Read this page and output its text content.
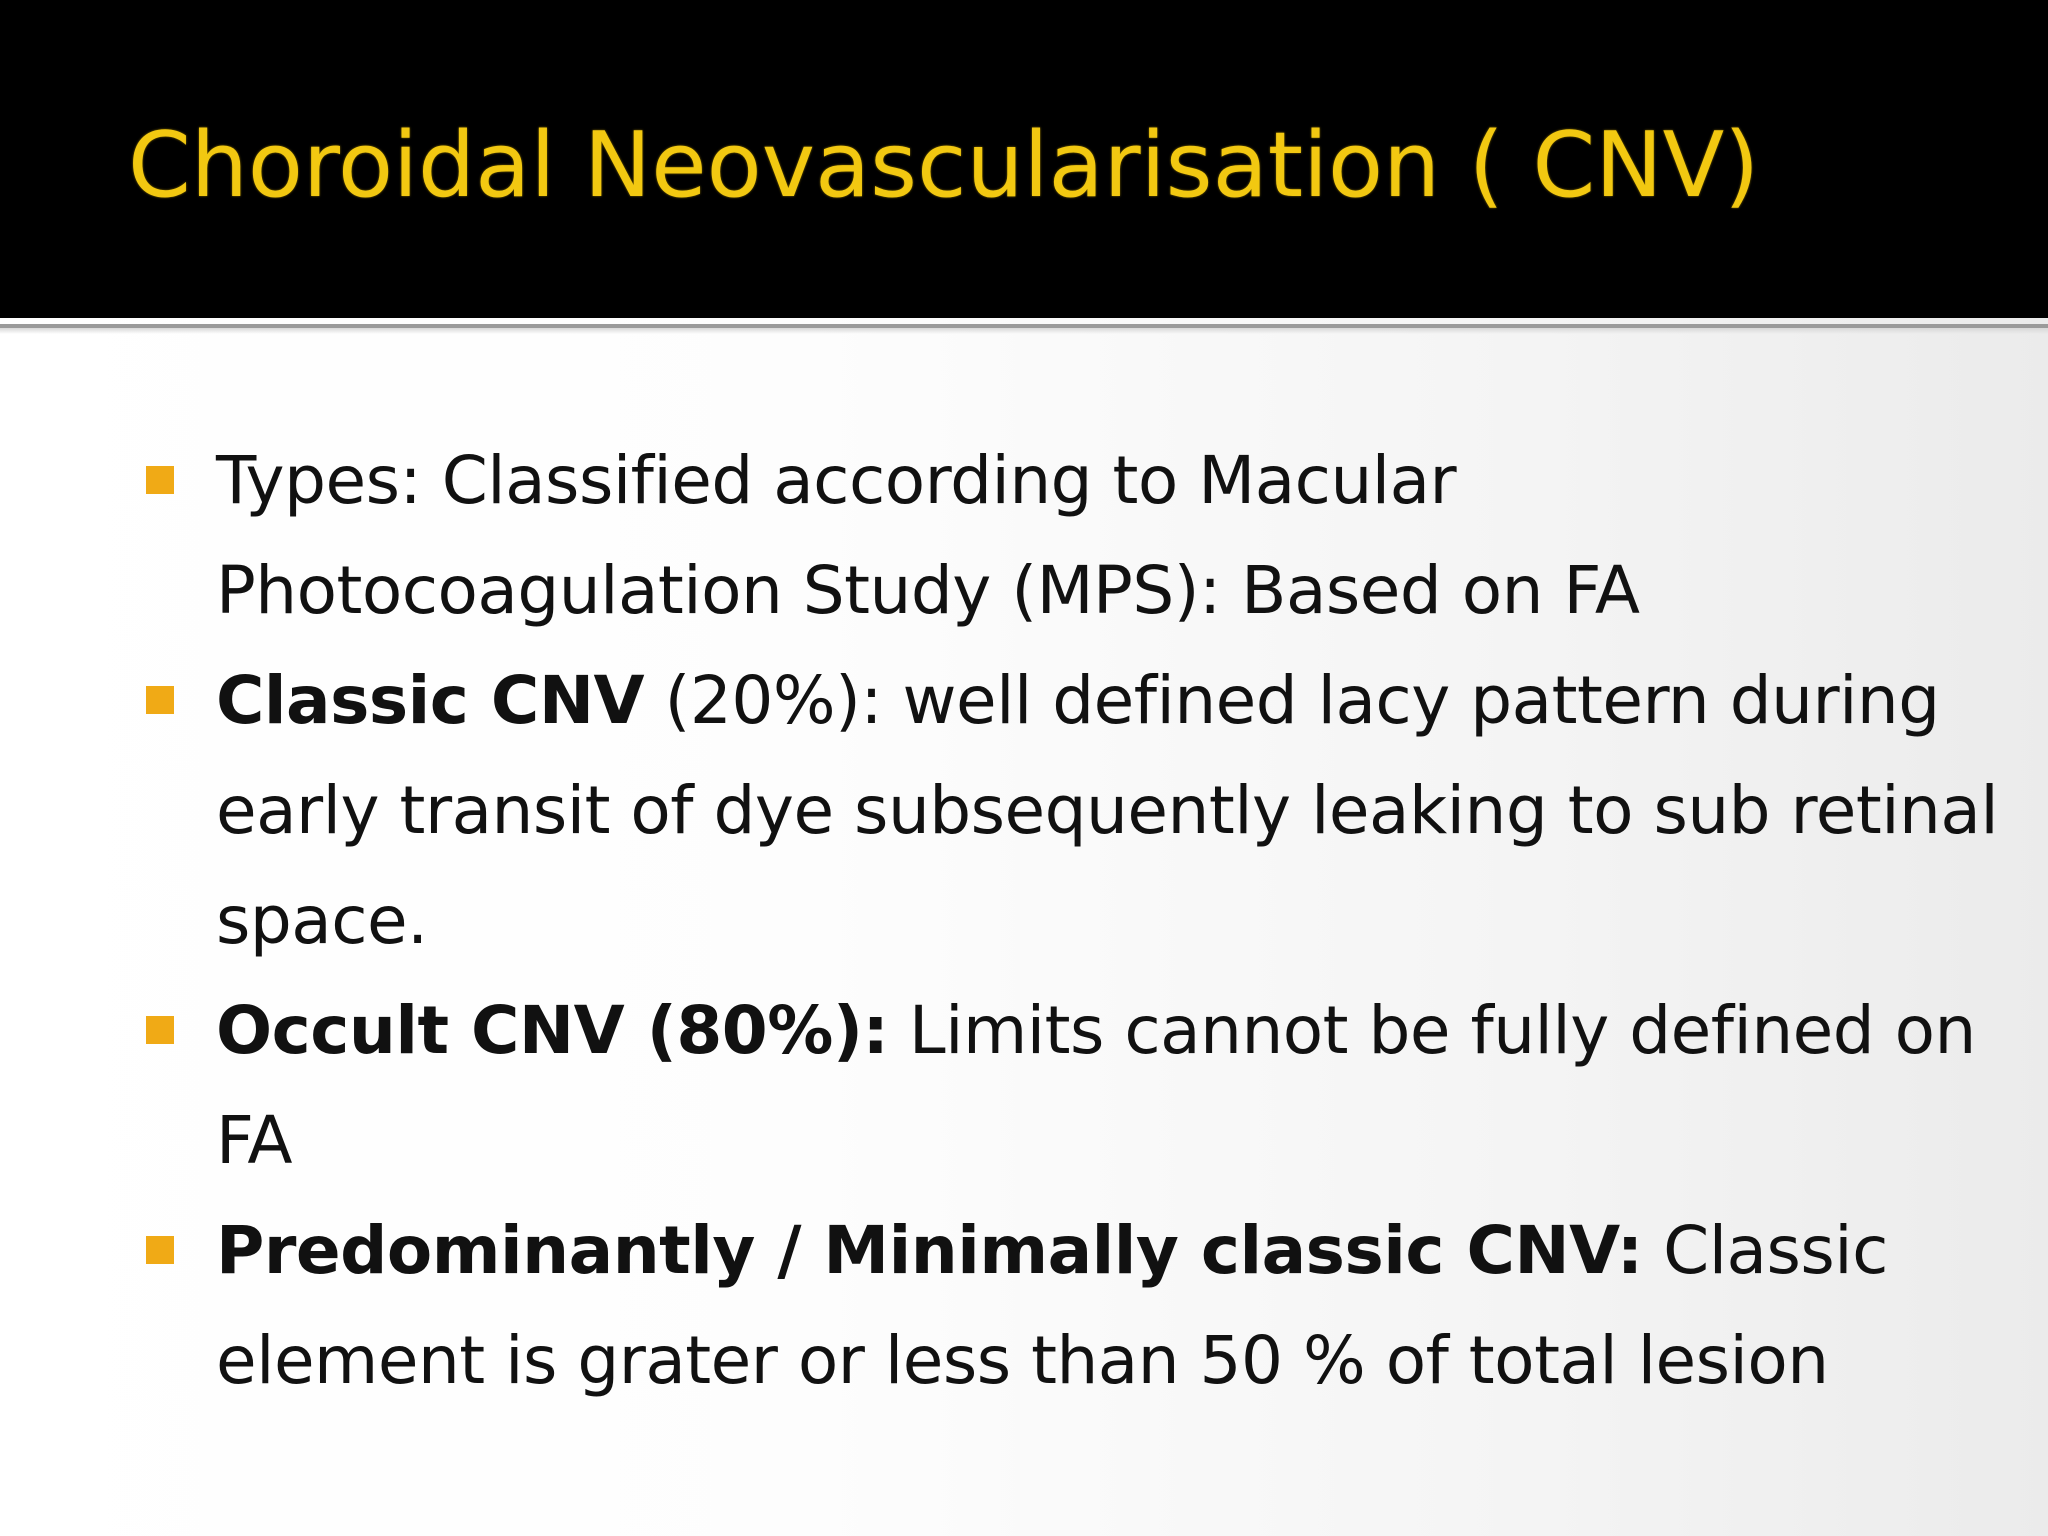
Choroidal Neovascularisation ( CNV)
Types: Classified according to Macular Photocoagulation Study (MPS): Based on FA
Classic CNV (20%): well defined lacy pattern during early transit of dye subsequently leaking to sub retinal space.
Occult CNV (80%): Limits cannot be fully defined on FA
Predominantly / Minimally classic CNV: Classic element is grater or less than 50 % of total lesion
